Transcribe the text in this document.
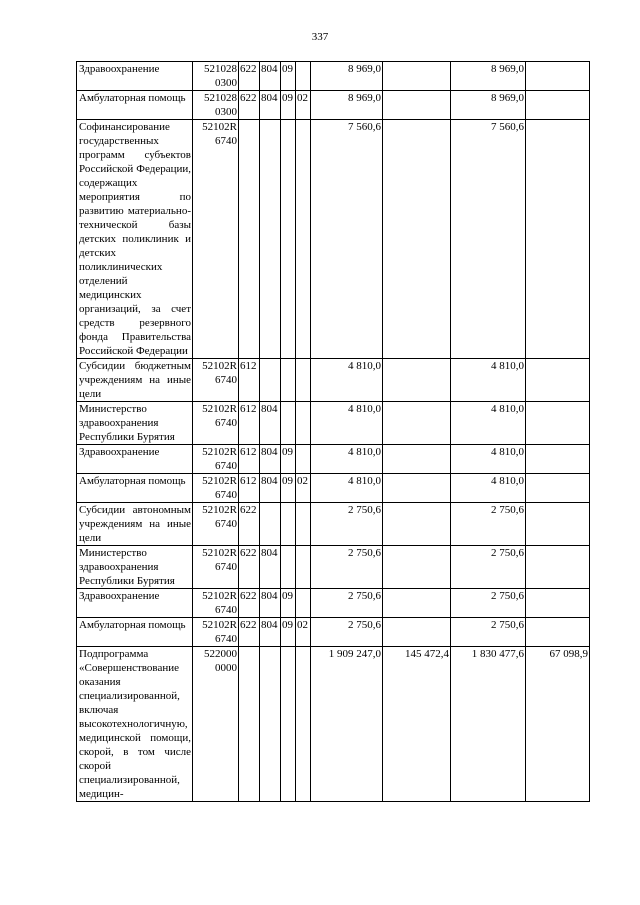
337
Здравоохранение	521028 0300	622	804	09		8 969,0		8 969,0	
Амбулаторная помощь	521028 0300	622	804	09	02	8 969,0		8 969,0	
Софинансирование государственных программ субъектов Российской Федерации, содержащих мероприятия по развитию материально-технической базы детских поликлиник и детских поликлинических отделений медицинских организаций, за счет средств резервного фонда Правительства Российской Федерации	52102R 6740					7 560,6		7 560,6	
Субсидии бюджетным учреждениям на иные цели	52102R 6740	612				4 810,0		4 810,0	
Министерство здравоохранения Республики Бурятия	52102R 6740	612	804			4 810,0		4 810,0	
Здравоохранение	52102R 6740	612	804	09		4 810,0		4 810,0	
Амбулаторная помощь	52102R 6740	612	804	09	02	4 810,0		4 810,0	
Субсидии автономным учреждениям на иные цели	52102R 6740	622				2 750,6		2 750,6	
Министерство здравоохранения Республики Бурятия	52102R 6740	622	804			2 750,6		2 750,6	
Здравоохранение	52102R 6740	622	804	09		2 750,6		2 750,6	
Амбулаторная помощь	52102R 6740	622	804	09	02	2 750,6		2 750,6	
Подпрограмма «Совершенствование оказания специализированной, включая высокотехнологичную, медицинской помощи, скорой, в том числе скорой специализированной, медицин-	522000 0000					1 909 247,0	145 472,4	1 830 477,6	67 098,9
